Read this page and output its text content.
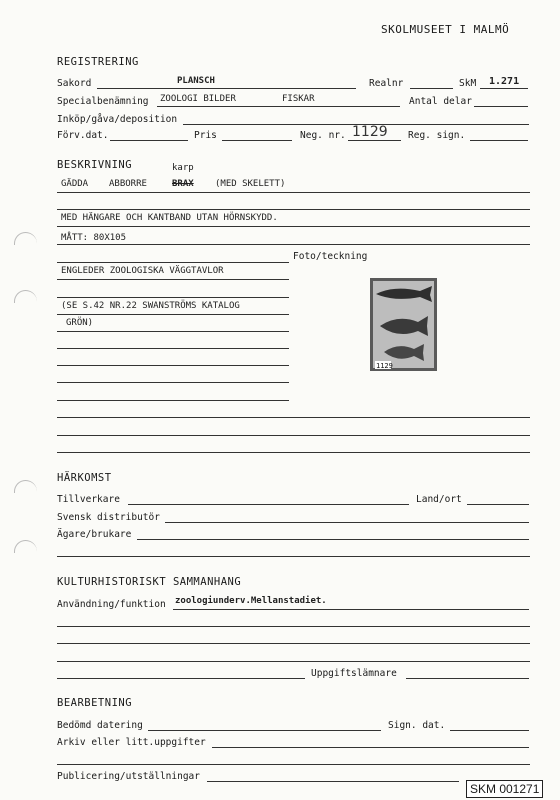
SKOLMUSEET I MALMÖ
REGISTRERING
Sakord	PLANSCH	Realnr	SkM 1.271
Specialbenämning ZOOLOGI BILDER	FISKAR	Antal delar
Inköp/gåva/deposition
Förv.dat.	Pris	Neg. nr. 1129 Reg. sign.
BESKRIVNING	karp
GÄDDA ABBORRE	BRAX (MED SKELETT)
MED HÄNGARE OCH KANTBAND UTAN HÖRNSKYDD.
MÅTT: 80X105
Foto/teckning
ENGLEDER ZOOLOGISKA VÄGGTAVLOR
(SE S.42 NR.22 SWANSTRÖMS KATALOG
GRÖN)
1129
HÄRKOMST
Tillverkare	Land/ort
Svensk distributör
Ägare/brukare
KULTURHISTORISKT SAMMANHANG
Användning/funktion zoologiunderv.Mellanstadiet.
Uppgiftslämnare
BEARBETNING
Bedömd datering	Sign. dat.
Arkiv eller litt.uppgifter
Publicering/utställningar
SKM 001271
